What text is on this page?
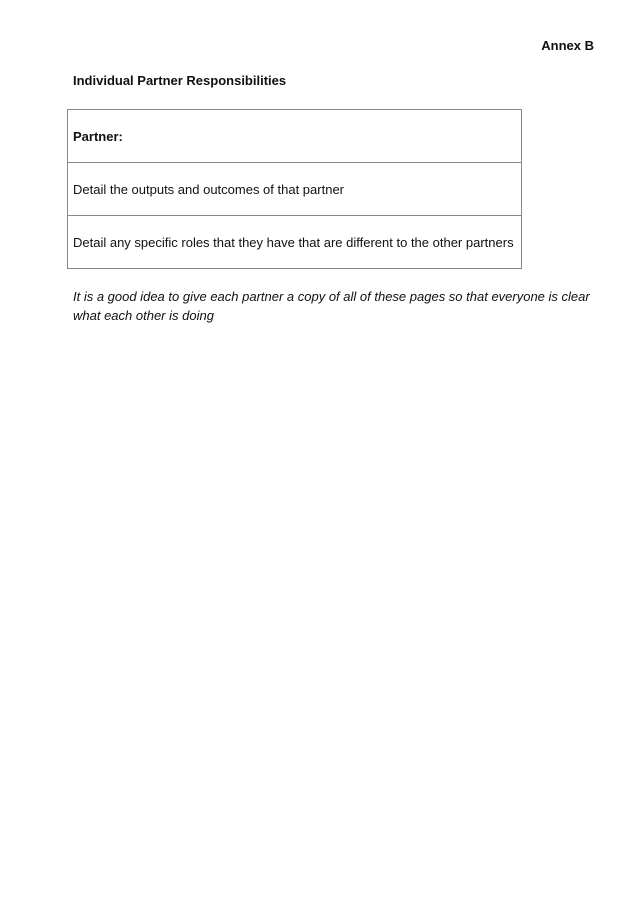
Annex B
Individual Partner Responsibilities
Partner:
Detail the outputs and outcomes of that partner
Detail any specific roles that they have that are different to the other partners
It is a good idea to give each partner a copy of all of these pages so that everyone is clear what each other is doing
